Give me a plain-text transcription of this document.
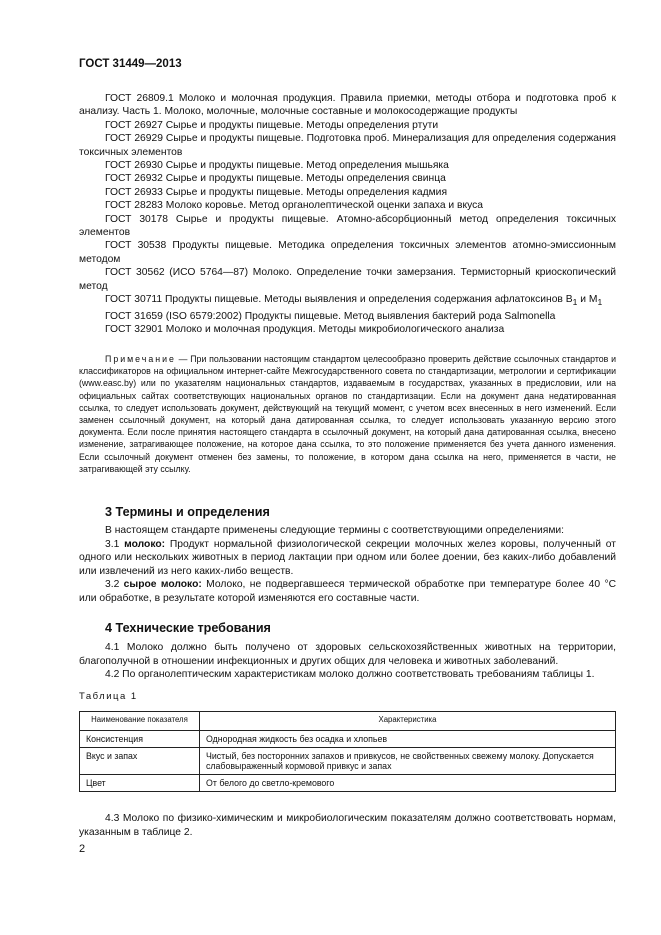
ГОСТ 31449—2013

ГОСТ 26809.1 Молоко и молочная продукция. Правила приемки, методы отбора и подготовка проб к анализу. Часть 1. Молоко, молочные, молочные составные и молокосодержащие продукты

ГОСТ 26927 Сырье и продукты пищевые. Методы определения ртути

ГОСТ 26929 Сырье и продукты пищевые. Подготовка проб. Минерализация для определения содержания токсичных элементов

ГОСТ 26930 Сырье и продукты пищевые. Метод определения мышьяка

ГОСТ 26932 Сырье и продукты пищевые. Методы определения свинца

ГОСТ 26933 Сырье и продукты пищевые. Методы определения кадмия

ГОСТ 28283 Молоко коровье. Метод органолептической оценки запаха и вкуса

ГОСТ 30178 Сырье и продукты пищевые. Атомно-абсорбционный метод определения токсичных элементов

ГОСТ 30538 Продукты пищевые. Методика определения токсичных элементов атомно-эмиссионным методом

ГОСТ 30562 (ИСО 5764—87) Молоко. Определение точки замерзания. Термисторный криоскопический метод

ГОСТ 30711 Продукты пищевые. Методы выявления и определения содержания афлатоксинов $B_1$ и $M_1$

ГОСТ 31659 (ISO 6579:2002) Продукты пищевые. Метод выявления бактерий рода Salmonella

ГОСТ 32901 Молоко и молочная продукция. Методы микробиологического анализа

Примечание — При пользовании настоящим стандартом целесообразно проверить действие ссылочных стандартов и классификаторов на официальном интернет-сайте Межгосударственного совета по стандартизации, метрологии и сертификации (www.easc.by) или по указателям национальных стандартов, издаваемым в государствах, указанных в предисловии, или на официальных сайтах соответствующих национальных органов по стандартизации. Если на документ дана недатированная ссылка, то следует использовать документ, действующий на текущий момент, с учетом всех внесенных в него изменений. Если заменен ссылочный документ, на который дана датированная ссылка, то следует использовать указанную версию этого документа. Если после принятия настоящего стандарта в ссылочный документ, на который дана датированная ссылка, внесено изменение, затрагивающее положение, на которое дана ссылка, то это положение применяется без учета данного изменения. Если ссылочный документ отменен без замены, то положение, в котором дана ссылка на него, применяется в части, не затрагивающей эту ссылку.

3 Термины и определения

В настоящем стандарте применены следующие термины с соответствующими определениями:

3.1 молоко: Продукт нормальной физиологической секреции молочных желез коровы, полученный от одного или нескольких животных в период лактации при одном или более доении, без каких-либо добавлений или извлечений из него каких-либо веществ.

3.2 сырое молоко: Молоко, не подвергавшееся термической обработке при температуре более 40 °С или обработке, в результате которой изменяются его составные части.

4 Технические требования

4.1 Молоко должно быть получено от здоровых сельскохозяйственных животных на территории, благополучной в отношении инфекционных и других общих для человека и животных заболеваний.

4.2 По органолептическим характеристикам молоко должно соответствовать требованиям таблицы 1.

Таблица 1
Наименование показателя	Характеристика
Консистенция	Однородная жидкость без осадка и хлопьев
Вкус и запах	Чистый, без посторонних запахов и привкусов, не свойственных свежему молоку. Допускается слабовыраженный кормовой привкус и запах
Цвет	От белого до светло-кремового

4.3 Молоко по физико-химическим и микробиологическим показателям должно соответствовать нормам, указанным в таблице 2.

2
